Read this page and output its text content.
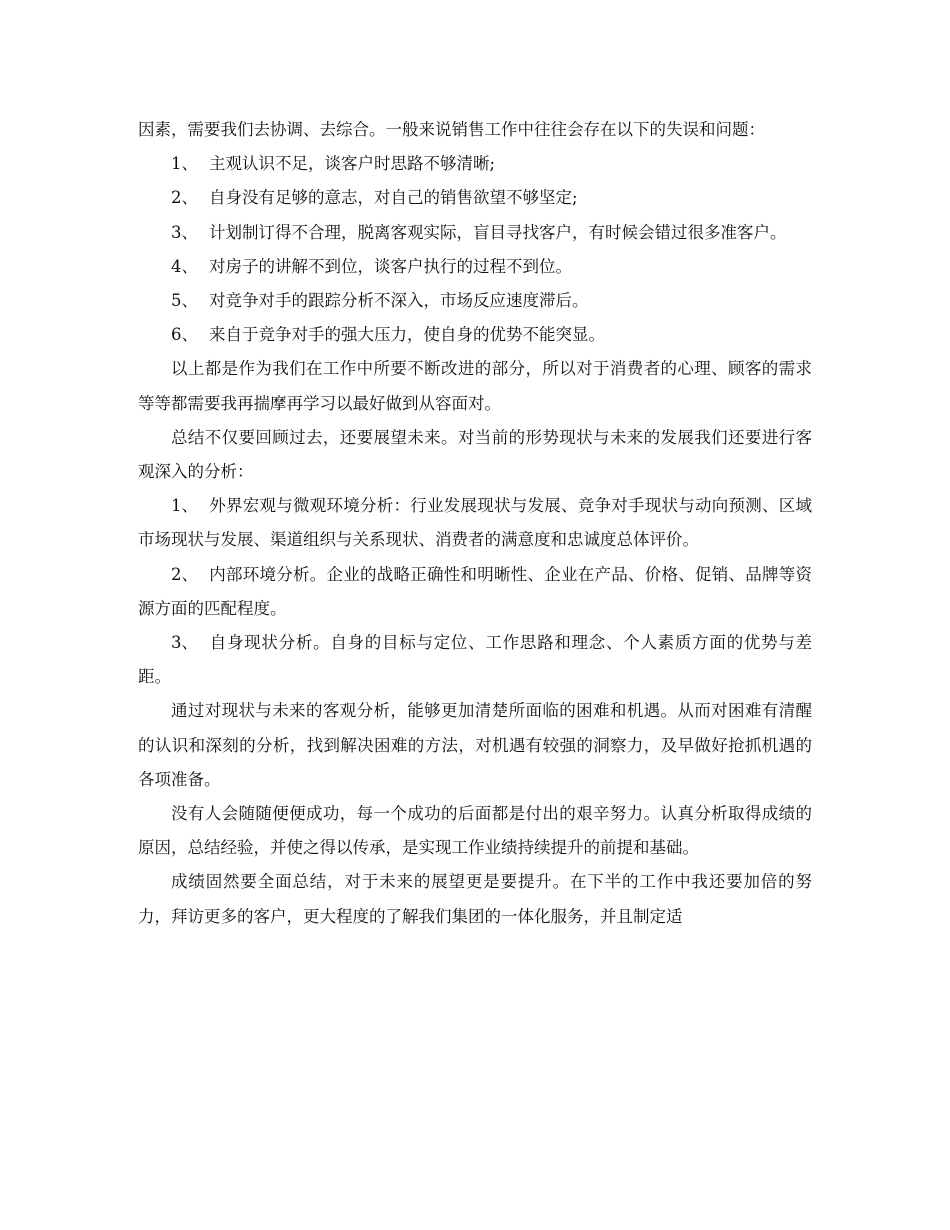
因素，需要我们去协调、去综合。一般来说销售工作中往往会存在以下的失误和问题：

1、 主观认识不足，谈客户时思路不够清晰;

2、 自身没有足够的意志，对自己的销售欲望不够坚定;

3、 计划制订得不合理，脱离客观实际，盲目寻找客户，有时候会错过很多准客户。

4、 对房子的讲解不到位，谈客户执行的过程不到位。

5、 对竞争对手的跟踪分析不深入，市场反应速度滞后。

6、 来自于竞争对手的强大压力，使自身的优势不能突显。

以上都是作为我们在工作中所要不断改进的部分，所以对于消费者的心理、顾客的需求等等都需要我再揣摩再学习以最好做到从容面对。

总结不仅要回顾过去，还要展望未来。对当前的形势现状与未来的发展我们还要进行客观深入的分析：

1、 外界宏观与微观环境分析：行业发展现状与发展、竞争对手现状与动向预测、区域市场现状与发展、渠道组织与关系现状、消费者的满意度和忠诚度总体评价。

2、 内部环境分析。企业的战略正确性和明晰性、企业在产品、价格、促销、品牌等资源方面的匹配程度。

3、 自身现状分析。自身的目标与定位、工作思路和理念、个人素质方面的优势与差距。

通过对现状与未来的客观分析，能够更加清楚所面临的困难和机遇。从而对困难有清醒的认识和深刻的分析，找到解决困难的方法，对机遇有较强的洞察力，及早做好抢抓机遇的各项准备。

没有人会随随便便成功，每一个成功的后面都是付出的艰辛努力。认真分析取得成绩的原因，总结经验，并使之得以传承，是实现工作业绩持续提升的前提和基础。

成绩固然要全面总结，对于未来的展望更是要提升。在下半的工作中我还要加倍的努力，拜访更多的客户，更大程度的了解我们集团的一体化服务，并且制定适
